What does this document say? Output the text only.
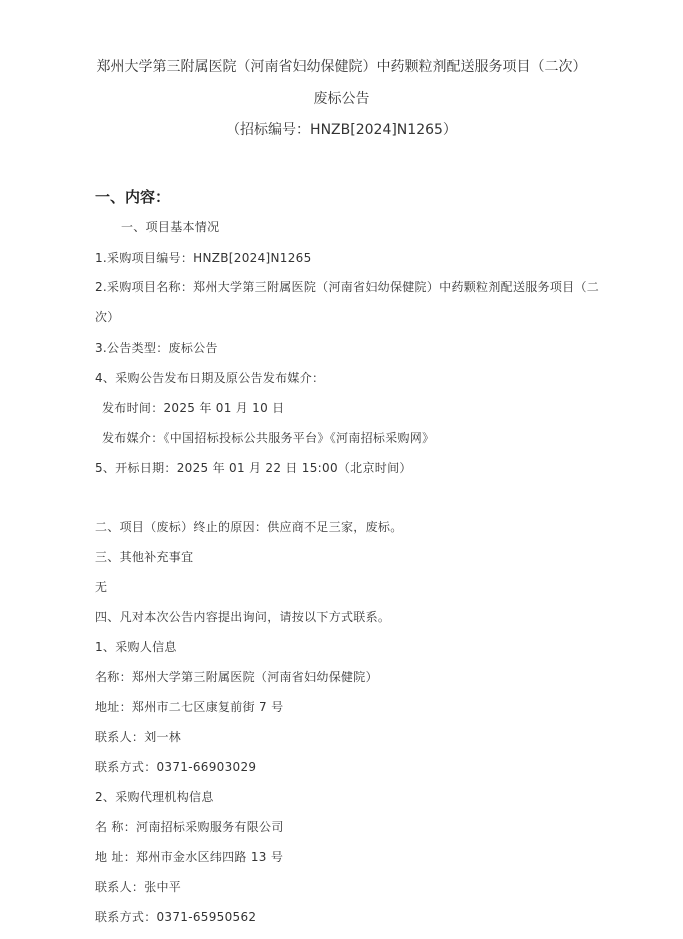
郑州大学第三附属医院（河南省妇幼保健院）中药颗粒剂配送服务项目（二次）
废标公告
（招标编号：HNZB[2024]N1265）
一、内容：
一、项目基本情况
1.采购项目编号：HNZB[2024]N1265
2.采购项目名称：郑州大学第三附属医院（河南省妇幼保健院）中药颗粒剂配送服务项目（二
次）
3.公告类型：废标公告
4、采购公告发布日期及原公告发布媒介：
发布时间：2025 年 01 月 10 日
发布媒介：《中国招标投标公共服务平台》《河南招标采购网》
5、开标日期：2025 年 01 月 22 日 15:00（北京时间）
二、项目（废标）终止的原因：供应商不足三家，废标。
三、其他补充事宜
无
四、凡对本次公告内容提出询问，请按以下方式联系。
1、采购人信息
名称：郑州大学第三附属医院（河南省妇幼保健院）
地址：郑州市二七区康复前街 7 号
联系人：刘一林
联系方式：0371-66903029
2、采购代理机构信息
名 称：河南招标采购服务有限公司
地 址：郑州市金水区纬四路 13 号
联系人：张中平
联系方式：0371-65950562
